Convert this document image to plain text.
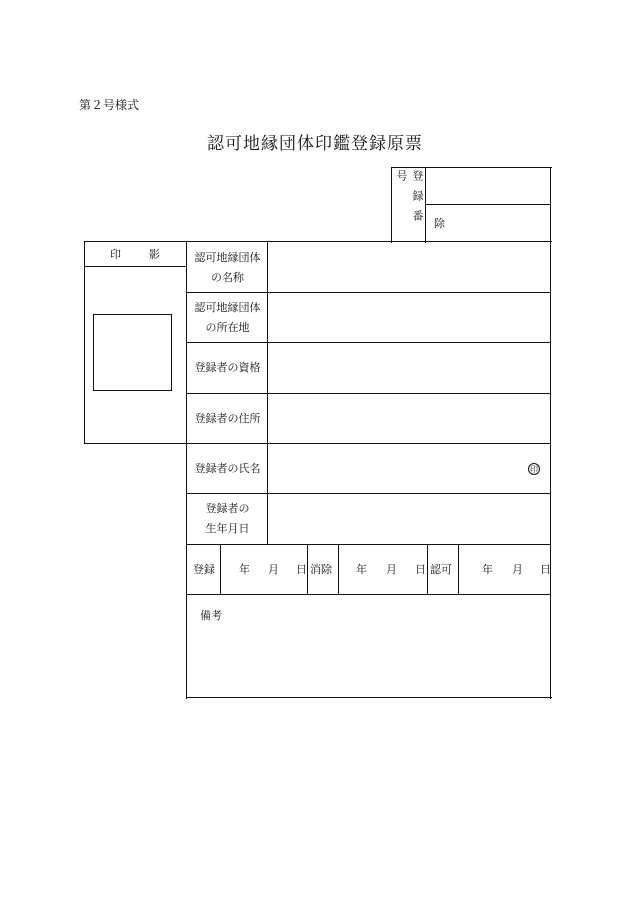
第２号様式
認可地縁団体印鑑登録原票
登録番号
除
印　　影	認可地縁団体
の名称
認可地縁団体
の所在地
登録者の資格
登録者の住所
登録者の氏名
登録者の
生年月日
印
登録 年 月 日 消除 年 月 日 認可	年 月 日
備考
